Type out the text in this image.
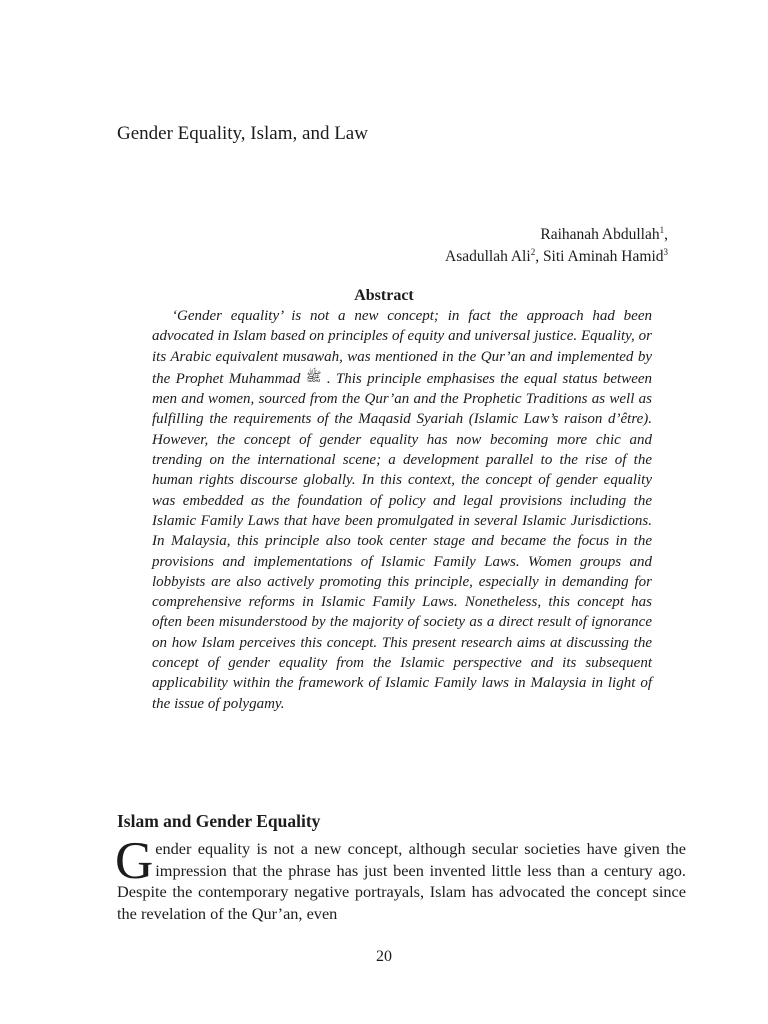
Gender Equality, Islam, and Law
Raihanah Abdullah$^1$,
Asadullah Ali$^2$, Siti Aminah Hamid$^3$
Abstract

‘Gender equality’ is not a new concept; in fact the approach had been advocated in Islam based on principles of equity and universal justice. Equality, or its Arabic equivalent musawah, was mentioned in the Qur’an and implemented by the Prophet Muhammad ﷺ . This principle emphasises the equal status between men and women, sourced from the Qur’an and the Prophetic Traditions as well as fulfilling the requirements of the Maqasid Syariah (Islamic Law’s raison d’être). However, the concept of gender equality has now becoming more chic and trending on the international scene; a development parallel to the rise of the human rights discourse globally. In this context, the concept of gender equality was embedded as the foundation of policy and legal provisions including the Islamic Family Laws that have been promulgated in several Islamic Jurisdictions. In Malaysia, this principle also took center stage and became the focus in the provisions and implementations of Islamic Family Laws. Women groups and lobbyists are also actively promoting this principle, especially in demanding for comprehensive reforms in Islamic Family Laws. Nonetheless, this concept has often been misunderstood by the majority of society as a direct result of ignorance on how Islam perceives this concept. This present research aims at discussing the concept of gender equality from the Islamic perspective and its subsequent applicability within the framework of Islamic Family laws in Malaysia in light of the issue of polygamy.

Islam and Gender Equality

Gender equality is not a new concept, although secular societies have given the impression that the phrase has just been invented little less than a century ago. Despite the contemporary negative portrayals, Islam has advocated the concept since the revelation of the Qur’an, even

20
